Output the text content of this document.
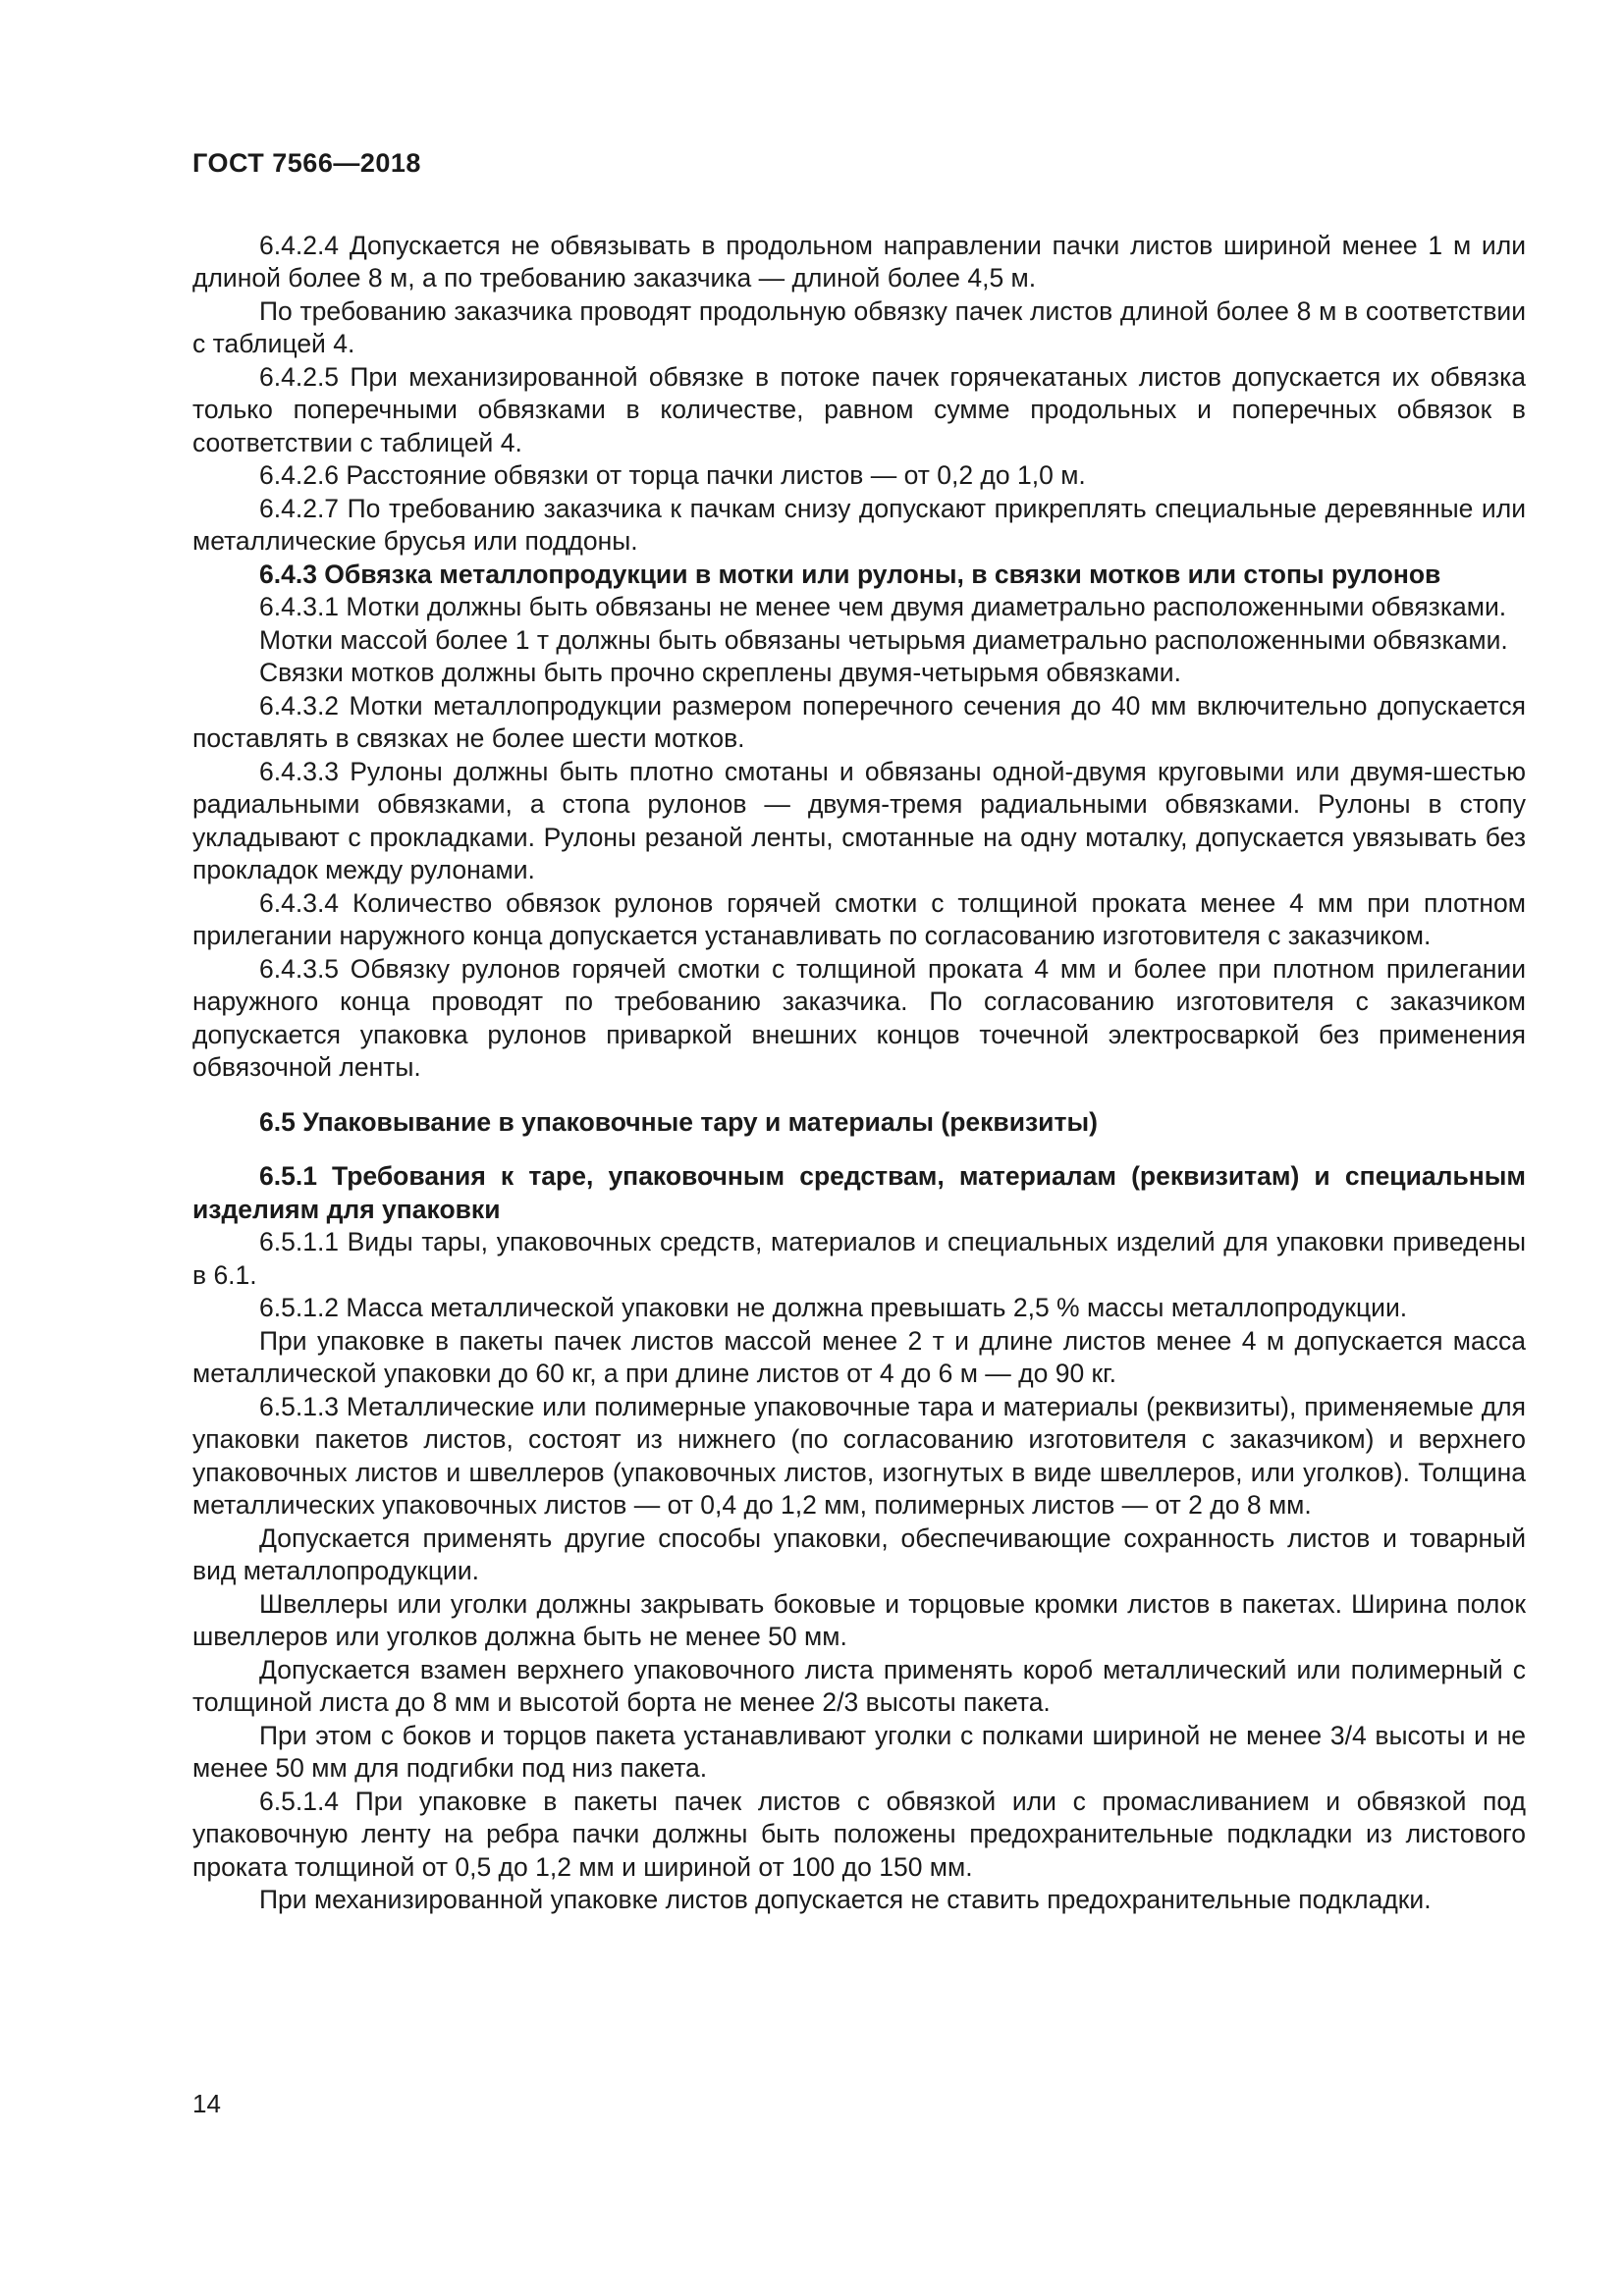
ГОСТ 7566—2018

6.4.2.4 Допускается не обвязывать в продольном направлении пачки листов шириной менее 1 м или длиной более 8 м, а по требованию заказчика — длиной более 4,5 м.

По требованию заказчика проводят продольную обвязку пачек листов длиной более 8 м в соответствии с таблицей 4.

6.4.2.5 При механизированной обвязке в потоке пачек горячекатаных листов допускается их обвязка только поперечными обвязками в количестве, равном сумме продольных и поперечных обвязок в соответствии с таблицей 4.

6.4.2.6 Расстояние обвязки от торца пачки листов — от 0,2 до 1,0 м.

6.4.2.7 По требованию заказчика к пачкам снизу допускают прикреплять специальные деревянные или металлические брусья или поддоны.

6.4.3 Обвязка металлопродукции в мотки или рулоны, в связки мотков или стопы рулонов

6.4.3.1 Мотки должны быть обвязаны не менее чем двумя диаметрально расположенными обвязками.

Мотки массой более 1 т должны быть обвязаны четырьмя диаметрально расположенными обвязками.

Связки мотков должны быть прочно скреплены двумя-четырьмя обвязками.

6.4.3.2 Мотки металлопродукции размером поперечного сечения до 40 мм включительно допускается поставлять в связках не более шести мотков.

6.4.3.3 Рулоны должны быть плотно смотаны и обвязаны одной-двумя круговыми или двумя-шестью радиальными обвязками, а стопа рулонов — двумя-тремя радиальными обвязками. Рулоны в стопу укладывают с прокладками. Рулоны резаной ленты, смотанные на одну моталку, допускается увязывать без прокладок между рулонами.

6.4.3.4 Количество обвязок рулонов горячей смотки с толщиной проката менее 4 мм при плотном прилегании наружного конца допускается устанавливать по согласованию изготовителя с заказчиком.

6.4.3.5 Обвязку рулонов горячей смотки с толщиной проката 4 мм и более при плотном прилегании наружного конца проводят по требованию заказчика. По согласованию изготовителя с заказчиком допускается упаковка рулонов приваркой внешних концов точечной электросваркой без применения обвязочной ленты.

6.5 Упаковывание в упаковочные тару и материалы (реквизиты)

6.5.1 Требования к таре, упаковочным средствам, материалам (реквизитам) и специальным изделиям для упаковки

6.5.1.1 Виды тары, упаковочных средств, материалов и специальных изделий для упаковки приведены в 6.1.

6.5.1.2 Масса металлической упаковки не должна превышать 2,5 % массы металлопродукции.

При упаковке в пакеты пачек листов массой менее 2 т и длине листов менее 4 м допускается масса металлической упаковки до 60 кг, а при длине листов от 4 до 6 м — до 90 кг.

6.5.1.3 Металлические или полимерные упаковочные тара и материалы (реквизиты), применяемые для упаковки пакетов листов, состоят из нижнего (по согласованию изготовителя с заказчиком) и верхнего упаковочных листов и швеллеров (упаковочных листов, изогнутых в виде швеллеров, или уголков). Толщина металлических упаковочных листов — от 0,4 до 1,2 мм, полимерных листов — от 2 до 8 мм.

Допускается применять другие способы упаковки, обеспечивающие сохранность листов и товарный вид металлопродукции.

Швеллеры или уголки должны закрывать боковые и торцовые кромки листов в пакетах. Ширина полок швеллеров или уголков должна быть не менее 50 мм.

Допускается взамен верхнего упаковочного листа применять короб металлический или полимерный с толщиной листа до 8 мм и высотой борта не менее 2/3 высоты пакета.

При этом с боков и торцов пакета устанавливают уголки с полками шириной не менее 3/4 высоты и не менее 50 мм для подгибки под низ пакета.

6.5.1.4 При упаковке в пакеты пачек листов с обвязкой или с промасливанием и обвязкой под упаковочную ленту на ребра пачки должны быть положены предохранительные подкладки из листового проката толщиной от 0,5 до 1,2 мм и шириной от 100 до 150 мм.

При механизированной упаковке листов допускается не ставить предохранительные подкладки.

14
